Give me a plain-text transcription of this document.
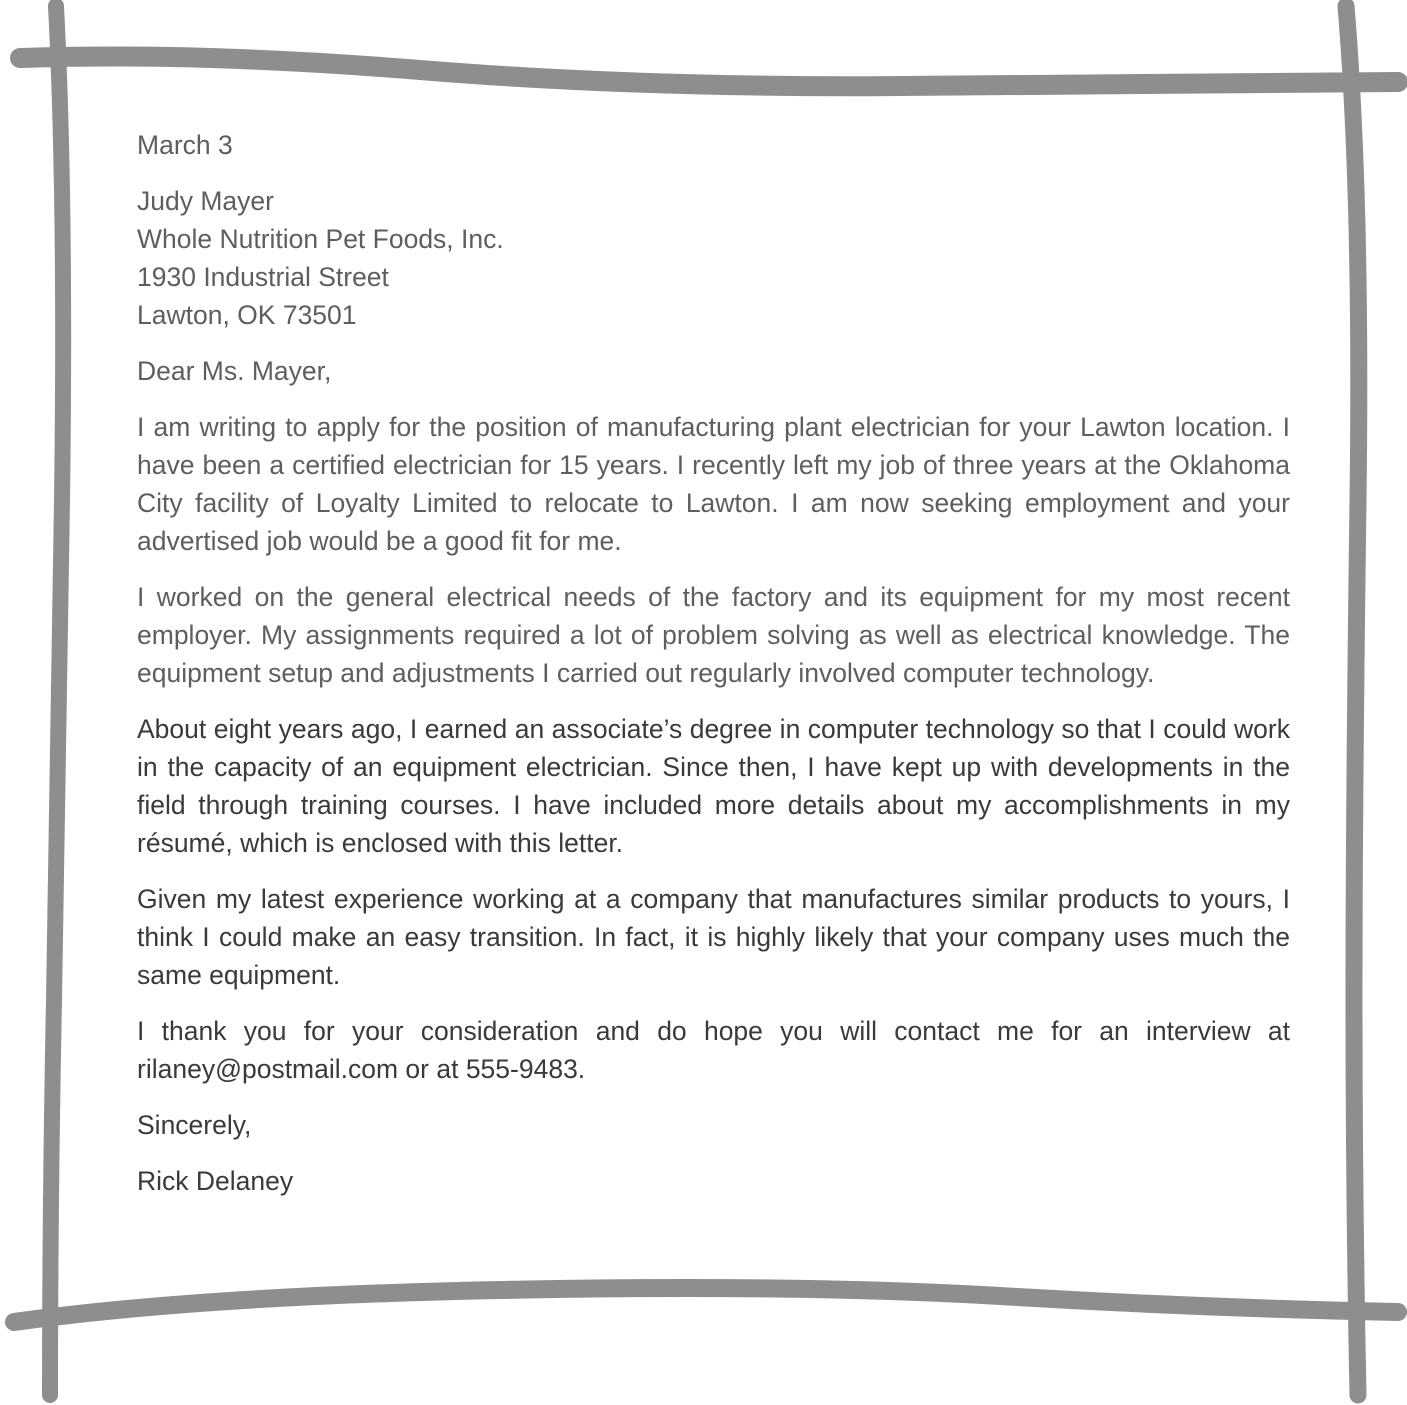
March 3
Judy Mayer
Whole Nutrition Pet Foods, Inc.
1930 Industrial Street
Lawton, OK 73501
Dear Ms. Mayer,

I am writing to apply for the position of manufacturing plant electrician for your Lawton location. I have been a certified electrician for 15 years. I recently left my job of three years at the Oklahoma City facility of Loyalty Limited to relocate to Lawton. I am now seeking employment and your advertised job would be a good fit for me.

I worked on the general electrical needs of the factory and its equipment for my most recent employer. My assignments required a lot of problem solving as well as electrical knowledge. The equipment setup and adjustments I carried out regularly involved computer technology.

About eight years ago, I earned an associate’s degree in computer technology so that I could work in the capacity of an equipment electrician. Since then, I have kept up with developments in the field through training courses. I have included more details about my accomplishments in my résumé, which is enclosed with this letter.

Given my latest experience working at a company that manufactures similar products to yours, I think I could make an easy transition. In fact, it is highly likely that your company uses much the same equipment.

I thank you for your consideration and do hope you will contact me for an interview at rilaney@postmail.com or at 555-9483.

Sincerely,
Rick Delaney
